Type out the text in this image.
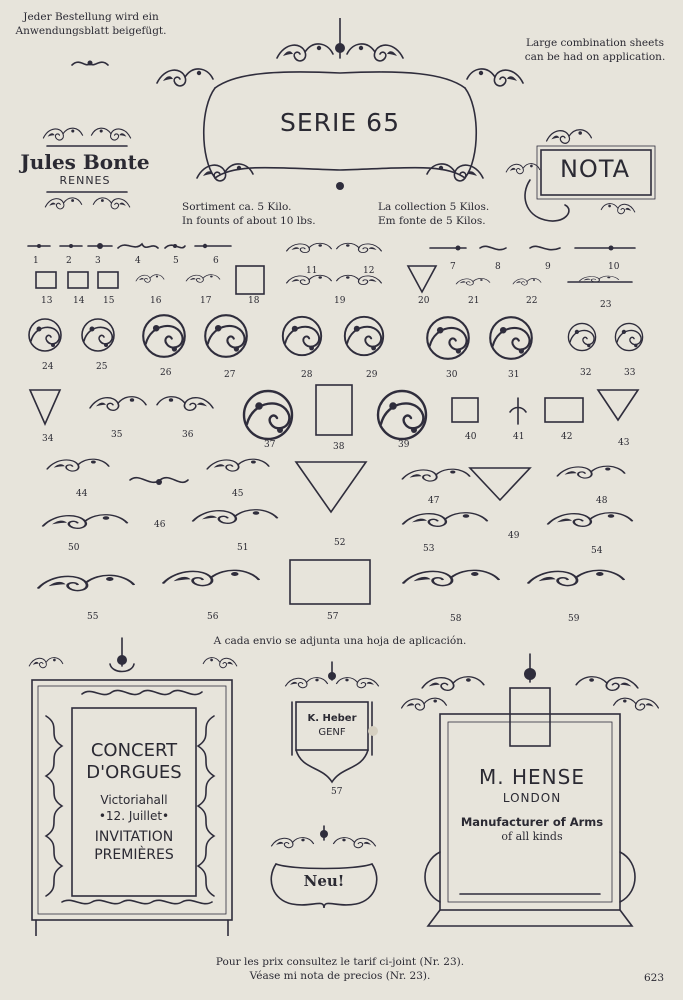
Jeder Bestellung wird ein
Anwendungsblatt beigefügt.
Large combination sheets
can be had on application.
SERIE 65
Jules Bonte
RENNES	NOTA
Sortiment ca. 5 Kilo.
In founts of about 10 lbs.
La collection 5 Kilos.
Em fonte de 5 Kilos.
1	2	3	4	5	6
7	8	9	10
11	12
13 14 15	16	17	18	19	20	21	22	23
24	25
26	27	28	29	30	31	32	33
34	35	36
37	38	39
40	41	42
43
44	45
46
47	48
49
50	51	52
53	54
55	56	57	58	59
A cada envio se adjunta una hoja de aplicación.
CONCERT
D'ORGUES
Victoriahall
•12. Juillet•
INVITATION
PREMIÈRES
K. Heber
GENF
57
Neu!
M. HENSE
LONDON
Manufacturer of Arms
of all kinds
Pour les prix consultez le tarif ci-joint (Nr. 23).
Véase mi nota de precios (Nr. 23).	623
